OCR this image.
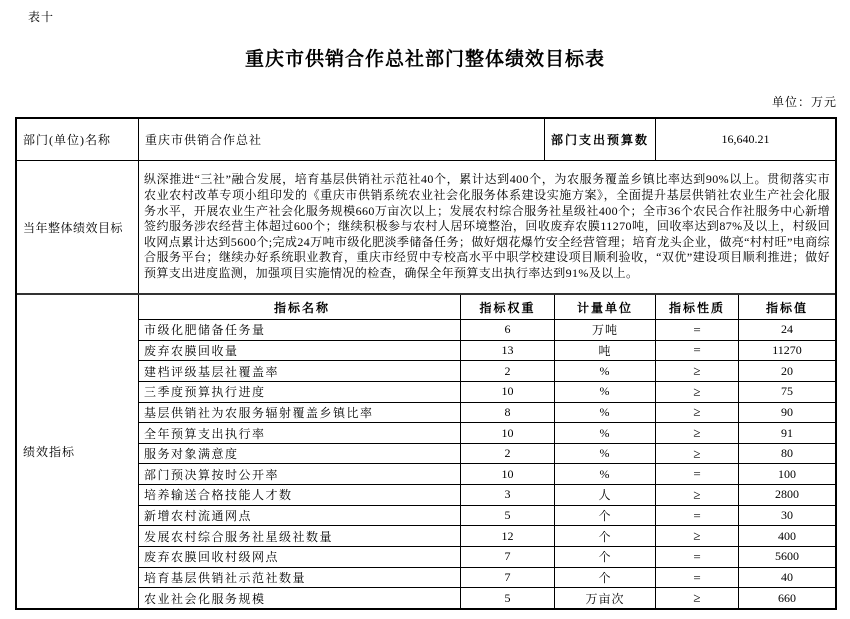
表十
重庆市供销合作总社部门整体绩效目标表
单位：万元
部门(单位)名称	重庆市供销合作总社	部门支出预算数	16,640.21
当年整体绩效目标
纵深推进“三社”融合发展，培育基层供销社示范社40个，累计达到400个，为农服务覆盖乡镇比率达到90%以上。贯彻落实市农业农村改革专项小组印发的《重庆市供销系统农业社会化服务体系建设实施方案》，全面提升基层供销社农业生产社会化服务水平，开展农业生产社会化服务规模660万亩次以上；发展农村综合服务社星级社400个；全市36个农民合作社服务中心新增签约服务涉农经营主体超过600个；继续积极参与农村人居环境整治，回收废弃农膜11270吨，回收率达到87%及以上，村级回收网点累计达到5600个;完成24万吨市级化肥淡季储备任务；做好烟花爆竹安全经营管理；培育龙头企业，做亮“村村旺”电商综合服务平台；继续办好系统职业教育，重庆市经贸中专校高水平中职学校建设项目顺利验收，“双优”建设项目顺利推进；做好预算支出进度监测，加强项目实施情况的检查，确保全年预算支出执行率达到91%及以上。
绩效指标
指标名称	指标权重	计量单位	指标性质	指标值
市级化肥储备任务量	6	万吨	=	24
废弃农膜回收量	13	吨	=	11270
建档评级基层社覆盖率	2	%	≥	20
三季度预算执行进度	10	%	≥	75
基层供销社为农服务辐射覆盖乡镇比率	8	%	≥	90
全年预算支出执行率	10	%	≥	91
服务对象满意度	2	%	≥	80
部门预决算按时公开率	10	%	=	100
培养输送合格技能人才数	3	人	≥	2800
新增农村流通网点	5	个	=	30
发展农村综合服务社星级社数量	12	个	≥	400
废弃农膜回收村级网点	7	个	=	5600
培育基层供销社示范社数量	7	个	=	40
农业社会化服务规模	5	万亩次	≥	660
